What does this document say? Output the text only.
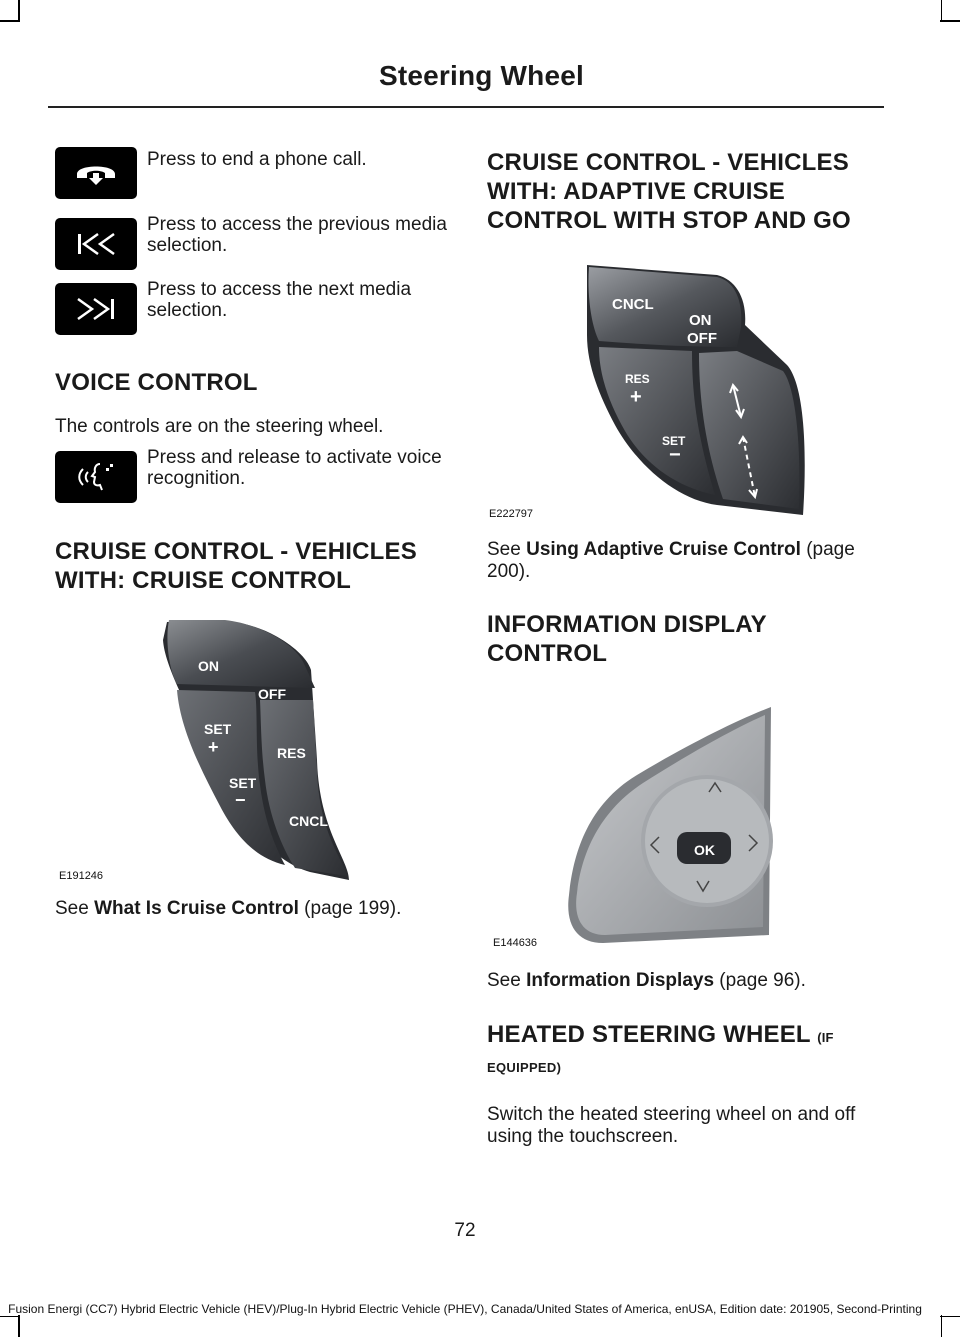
Steering Wheel
Press to end a phone call.
Press to access the previous media selection.
Press to access the next media selection.
VOICE CONTROL
The controls are on the steering wheel.
Press and release to activate voice recognition.
CRUISE CONTROL - VEHICLES
WITH: CRUISE CONTROL
ON
OFF
SET
+	RES
SET
−
CNCL
E191246
See What Is Cruise Control (page 199).
CRUISE CONTROL - VEHICLES
WITH: ADAPTIVE CRUISE
CONTROL WITH STOP AND GO
CNCL
ON
OFF
RES
+
SET
−
E222797
See Using Adaptive Cruise Control (page 200).
INFORMATION DISPLAY
CONTROL
OK
E144636
See Information Displays (page 96).
HEATED STEERING WHEEL (IF
EQUIPPED)
Switch the heated steering wheel on and off using the touchscreen.
72
Fusion Energi (CC7) Hybrid Electric Vehicle (HEV)/Plug-In Hybrid Electric Vehicle (PHEV), Canada/United States of America, enUSA, Edition date: 201905, Second-Printing
